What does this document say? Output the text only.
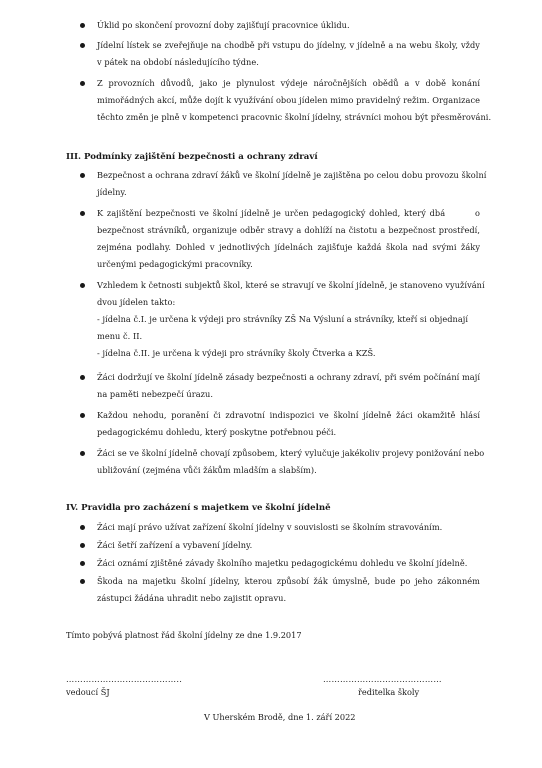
Úklid po skončení provozní doby zajišťují pracovnice úklidu.
Jídelní lístek se zveřejňuje na chodbě při vstupu do jídelny, v jídelně a na webu školy, vždy
v pátek na období následujícího týdne.
Z provozních důvodů, jako je plynulost výdeje náročnějších obědů a v době konání
mimořádných akcí, může dojít k využívání obou jídelen mimo pravidelný režim. Organizace
těchto změn je plně v kompetenci pracovnic školní jídelny, strávníci mohou být přesměrováni.
III. Podmínky zajištění bezpečnosti a ochrany zdraví
Bezpečnost a ochrana zdraví žáků ve školní jídelně je zajištěna po celou dobu provozu školní
jídelny.
K zajištění bezpečnosti ve školní jídelně je určen pedagogický dohled, který dbá        o
bezpečnost strávníků, organizuje odběr stravy a dohlíží na čistotu a bezpečnost prostředí,
zejména podlahy. Dohled v jednotlivých jídelnách zajišťuje každá škola nad svými žáky
určenými pedagogickými pracovníky.
Vzhledem k četnosti subjektů škol, které se stravují ve školní jídelně, je stanoveno využívání
dvou jídelen takto:
- jídelna č.I. je určena k výdeji pro strávníky ZŠ Na Výsluní a strávníky, kteří si objednají
menu č. II.
- jídelna č.II. je určena k výdeji pro strávníky školy Čtverka a KZŠ.
Žáci dodržují ve školní jídelně zásady bezpečnosti a ochrany zdraví, při svém počínání mají
na paměti nebezpečí úrazu.
Každou nehodu, poranění či zdravotní indispozici ve školní jídelně žáci okamžitě hlásí
pedagogickému dohledu, který poskytne potřebnou péči.
Žáci se ve školní jídelně chovají způsobem, který vylučuje jakékoliv projevy ponižování nebo
ubližování (zejména vůči žákům mladším a slabším).
IV. Pravidla pro zacházení s majetkem ve školní jídelně
Žáci mají právo užívat zařízení školní jídelny v souvislosti se školním stravováním.
Žáci šetří zařízení a vybavení jídelny.
Žáci oznámí zjištěné závady školního majetku pedagogickému dohledu ve školní jídelně.
Škoda na majetku školní jídelny, kterou způsobí žák úmyslně, bude po jeho zákonném
zástupci žádána uhradit nebo zajistit opravu.
Tímto pobývá platnost řád školní jídelny ze dne 1.9.2017
…………………………………..
vedoucí ŠJ
……………………………………
ředitelka školy
V Uherském Brodě, dne 1. září 2022
